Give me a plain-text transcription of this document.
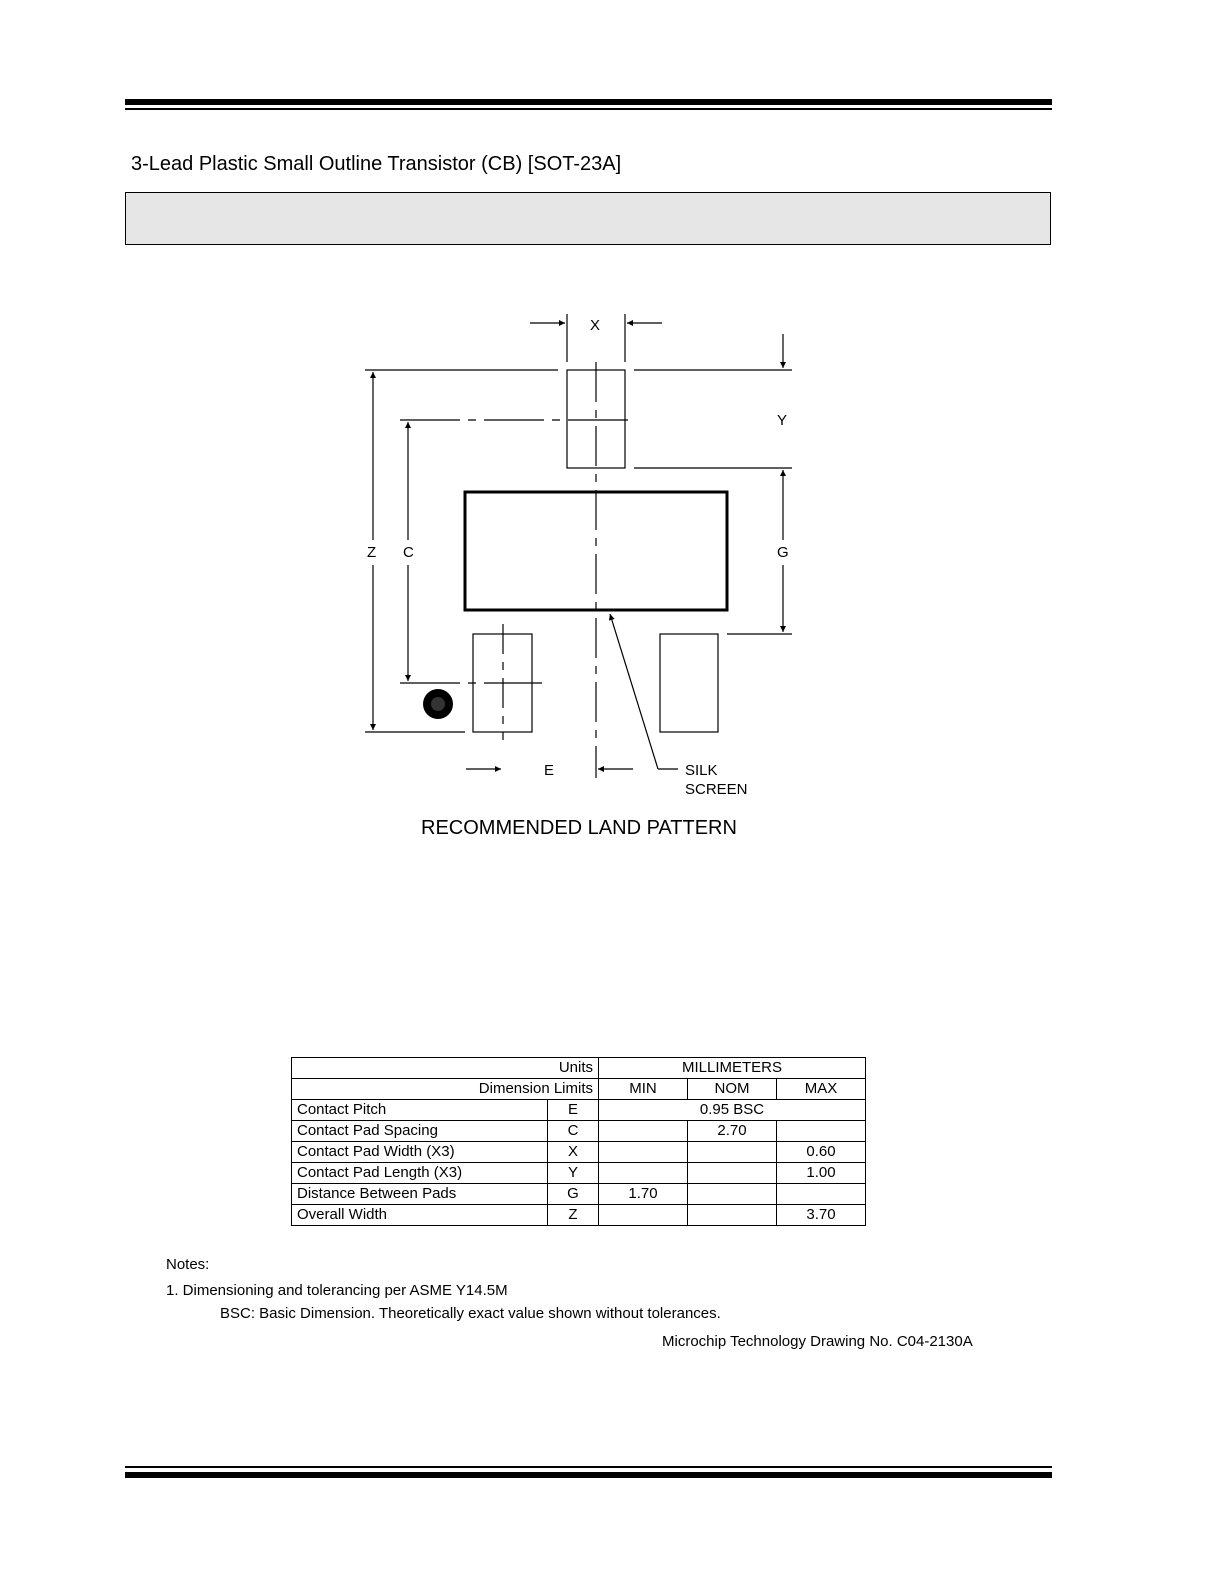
3-Lead Plastic Small Outline Transistor (CB) [SOT-23A]
X
Y
Z C	G
E	SILK
SCREEN
RECOMMENDED LAND PATTERN
Units		MILLIMETERS		
Dimension Limits		MIN	NOM	MAX
Contact Pitch	E	0.95 BSC		
Contact Pad Spacing	C		2.70	
Contact Pad Width (X3)	X			0.60
Contact Pad Length (X3)	Y			1.00
Distance Between Pads	G	1.70		
Overall Width	Z			3.70
Notes:
1. Dimensioning and tolerancing per ASME Y14.5M
BSC: Basic Dimension. Theoretically exact value shown without tolerances.
Microchip Technology Drawing No. C04-2130A
